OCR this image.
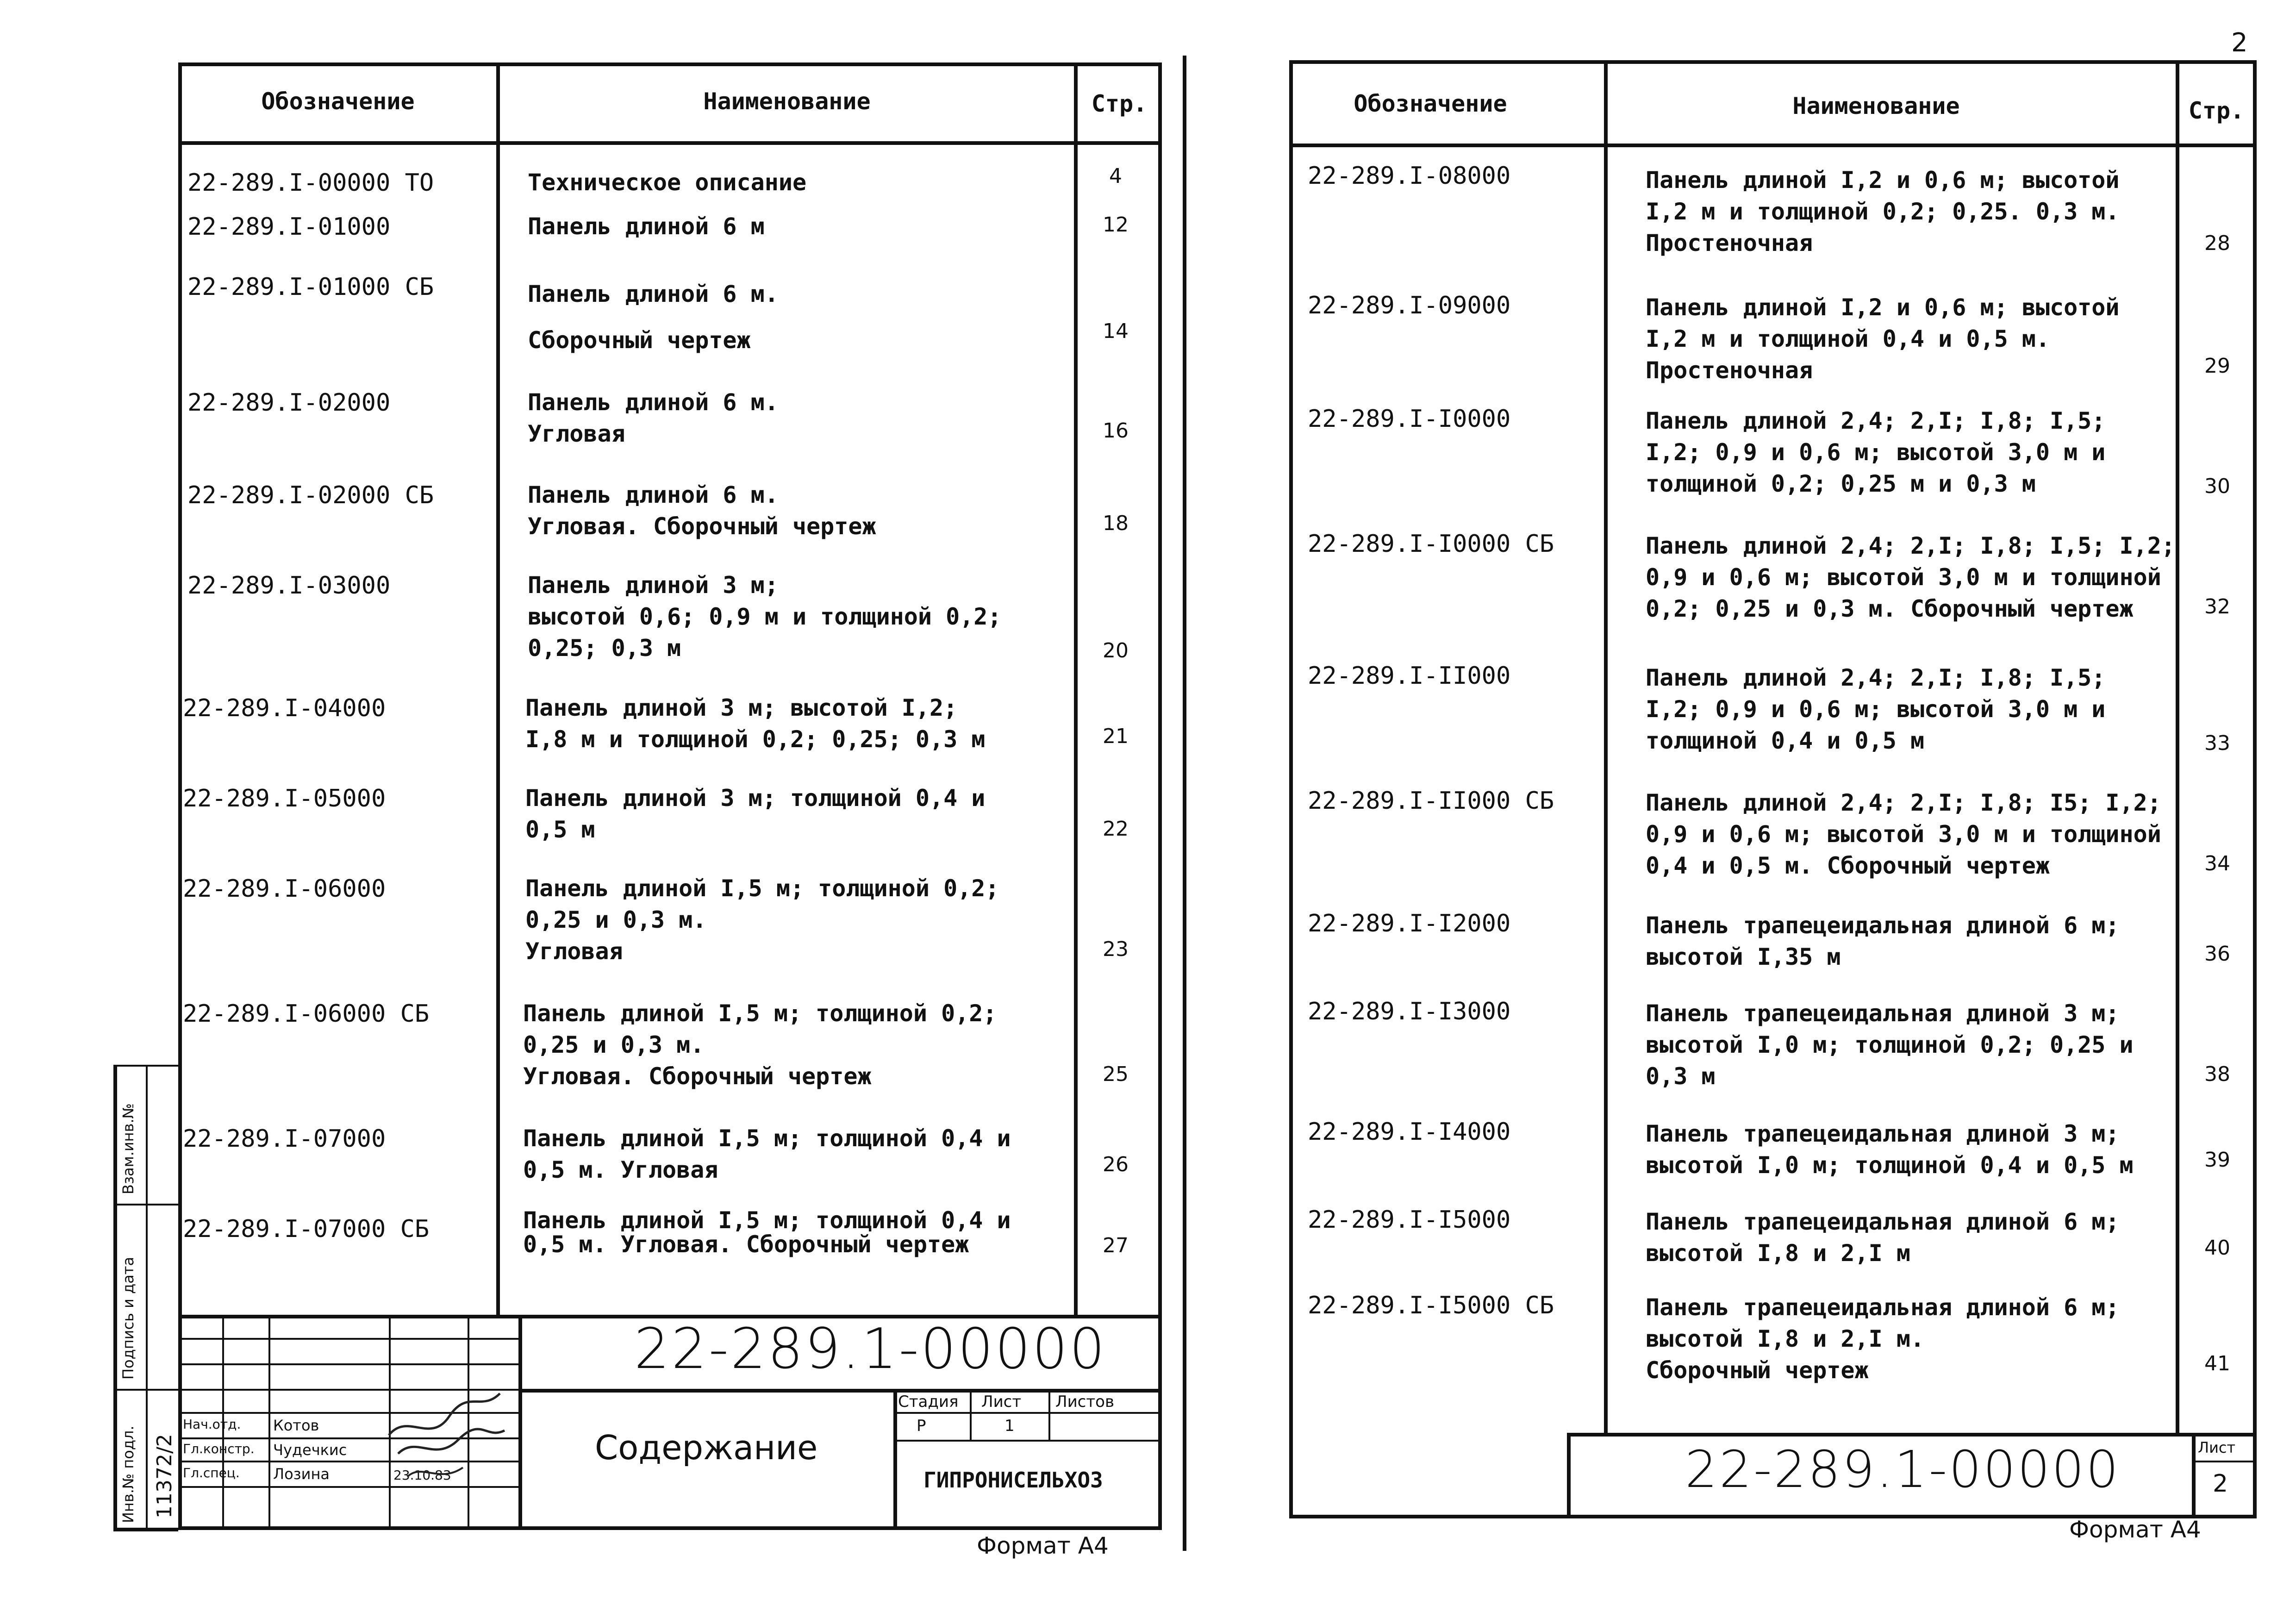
2
Обозначение	Наименование	Стр.
22-289.I-00000 ТО	Техническое описание	4
22-289.I-01000	Панель длиной 6 м	12
22-289.I-01000 СБ	Панель длиной 6 м.
Сборочный чертеж	14
22-289.I-02000	Панель длиной 6 м.
Угловая	16
22-289.I-02000 СБ	Панель длиной 6 м.
Угловая. Сборочный чертеж	18
22-289.I-03000	Панель длиной 3 м;
высотой 0,6; 0,9 м и толщиной 0,2;
0,25; 0,3 м	20
22-289.I-04000	Панель длиной 3 м; высотой I,2;
I,8 м и толщиной 0,2; 0,25; 0,3 м	21
22-289.I-05000	Панель длиной 3 м; толщиной 0,4 и
0,5 м	22
22-289.I-06000	Панель длиной I,5 м; толщиной 0,2;
0,25 и 0,3 м.
Угловая	23
22-289.I-06000 СБ	Панель длиной I,5 м; толщиной 0,2;
0,25 и 0,3 м.
Угловая. Сборочный чертеж	25
22-289.I-07000	Панель длиной I,5 м; толщиной 0,4 и
0,5 м. Угловая	26
22-289.I-07000 СБ	Панель длиной I,5 м; толщиной 0,4 и
0,5 м. Угловая. Сборочный чертеж	27
22-289.1-00000
Содержание
Стадия Лист Листов
Р	1
ГИПРОНИСЕЛЬХОЗ
Нач.отд.
Гл.констр.
Гл.спец.
Котов
Чудечкис
Лозина	23.10.83
Взам.инв.№
Подпись и дата
Инв.№ подл. 11372/2
Формат А4
Обозначение	Наименование	Стр.
22-289.I-08000	Панель длиной I,2 и 0,6 м; высотой
I,2 м и толщиной 0,2; 0,25. 0,3 м.
Простеночная	28
22-289.I-09000	Панель длиной I,2 и 0,6 м; высотой
I,2 м и толщиной 0,4 и 0,5 м.
Простеночная	29
22-289.I-I0000	Панель длиной 2,4; 2,I; I,8; I,5;
I,2; 0,9 и 0,6 м; высотой 3,0 м и
толщиной 0,2; 0,25 м и 0,3 м	30
22-289.I-I0000 СБ	Панель длиной 2,4; 2,I; I,8; I,5; I,2;
0,9 и 0,6 м; высотой 3,0 м и толщиной
0,2; 0,25 и 0,3 м. Сборочный чертеж	32
22-289.I-II000	Панель длиной 2,4; 2,I; I,8; I,5;
I,2; 0,9 и 0,6 м; высотой 3,0 м и
толщиной 0,4 и 0,5 м	33
22-289.I-II000 СБ	Панель длиной 2,4; 2,I; I,8; I5; I,2;
0,9 и 0,6 м; высотой 3,0 м и толщиной
0,4 и 0,5 м. Сборочный чертеж	34
22-289.I-I2000	Панель трапецеидальная длиной 6 м;
высотой I,35 м	36
22-289.I-I3000	Панель трапецеидальная длиной 3 м;
высотой I,0 м; толщиной 0,2; 0,25 и
0,3 м	38
22-289.I-I4000	Панель трапецеидальная длиной 3 м;
высотой I,0 м; толщиной 0,4 и 0,5 м	39
22-289.I-I5000	Панель трапецеидальная длиной 6 м;
высотой I,8 и 2,I м	40
22-289.I-I5000 СБ	Панель трапецеидальная длиной 6 м;
высотой I,8 и 2,I м.
Сборочный чертеж	41
22-289.1-00000	Лист
2
Формат А4
